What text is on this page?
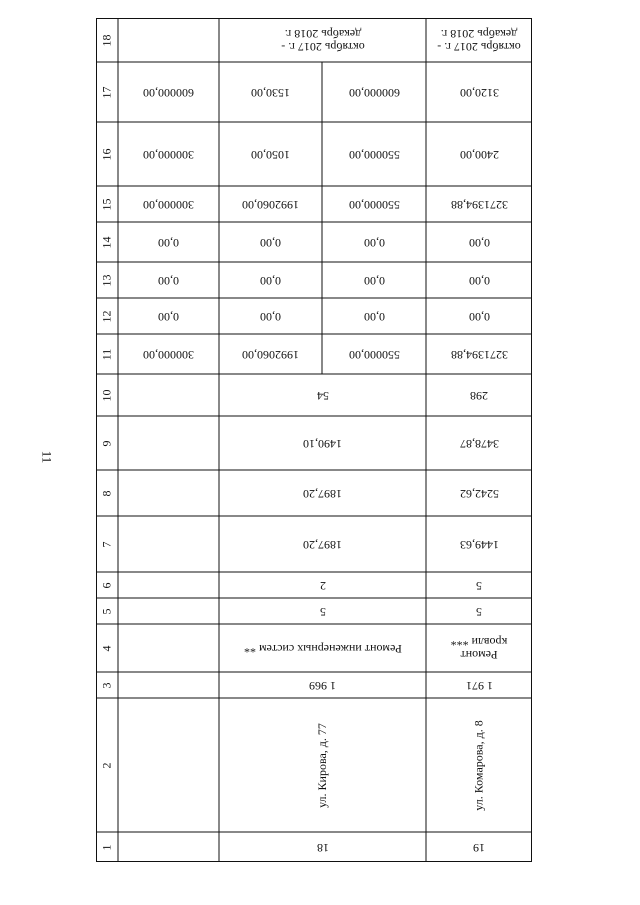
11
18
17
16
15
14
13
12
11
10
9
8
7
6
5
4
3
2
1
октябрь 2017 г. - декабрь 2018 г.
3120,00
2400,00
3271394,88
0,00
0,00
0,00
3271394,88
298
3478,87
5242,62
1449,63
5
5
Ремонт кровли ***
1 971
ул. Комарова, д. 8
19
октябрь 2017 г. - декабрь 2018 г.
54
1490,10
1897,20
1897,20
2
5
Ремонт инженерных систем **
1 969
ул. Кирова, д. 77
18
600000,00
550000,00
550000,00
0,00
0,00
0,00
550000,00
1530,00
1050,00
1992060,00
0,00
0,00
0,00
1992060,00
600000,00
300000,00
300000,00
0,00
0,00
0,00
300000,00
